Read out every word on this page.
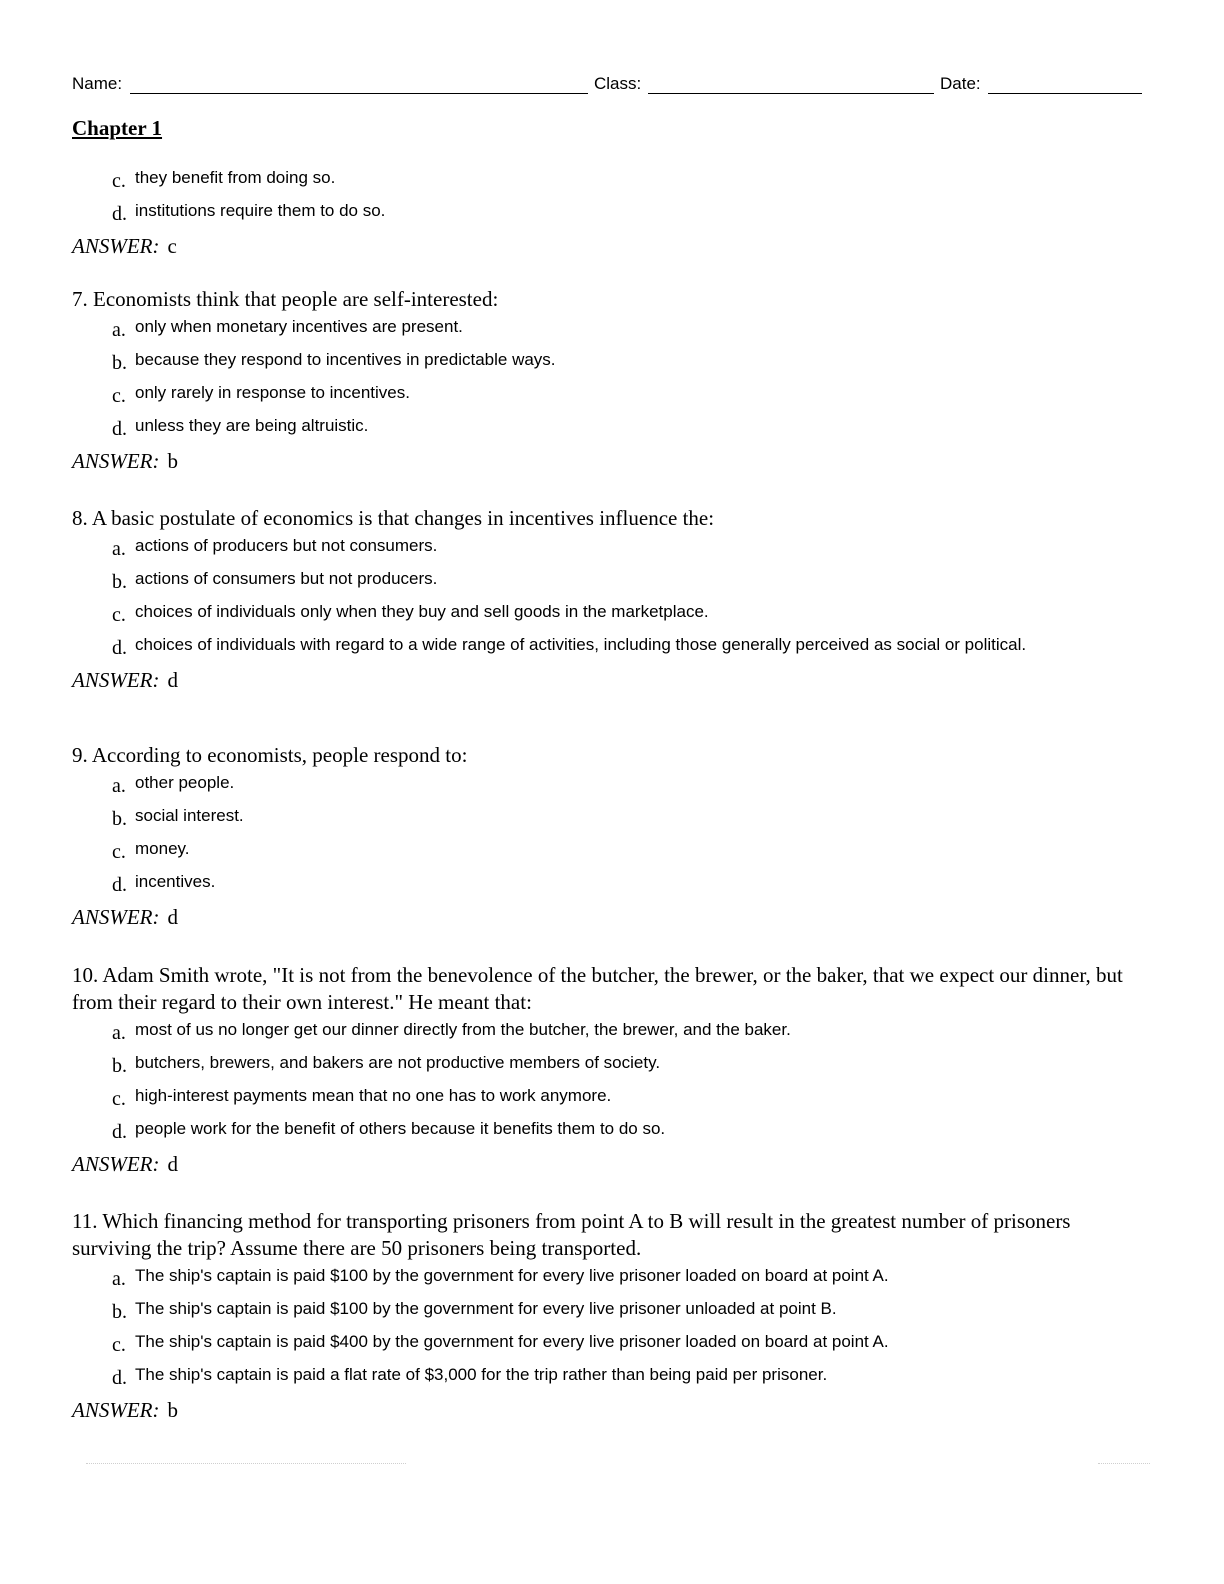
Name:	Class:	Date:
Chapter 1
c. they benefit from doing so.
d. institutions require them to do so.
ANSWER: c
7. Economists think that people are self-interested:
a. only when monetary incentives are present.
b. because they respond to incentives in predictable ways.
c. only rarely in response to incentives.
d. unless they are being altruistic.
ANSWER: b
8. A basic postulate of economics is that changes in incentives influence the:
a. actions of producers but not consumers.
b. actions of consumers but not producers.
c. choices of individuals only when they buy and sell goods in the marketplace.
d. choices of individuals with regard to a wide range of activities, including those generally perceived as social or political.
ANSWER: d
9. According to economists, people respond to:
a. other people.
b. social interest.
c. money.
d. incentives.
ANSWER: d
10. Adam Smith wrote, "It is not from the benevolence of the butcher, the brewer, or the baker, that we expect our dinner, but from their regard to their own interest." He meant that:
a. most of us no longer get our dinner directly from the butcher, the brewer, and the baker.
b. butchers, brewers, and bakers are not productive members of society.
c. high-interest payments mean that no one has to work anymore.
d. people work for the benefit of others because it benefits them to do so.
ANSWER: d
11. Which financing method for transporting prisoners from point A to B will result in the greatest number of prisoners surviving the trip? Assume there are 50 prisoners being transported.
a. The ship's captain is paid $100 by the government for every live prisoner loaded on board at point A.
b. The ship's captain is paid $100 by the government for every live prisoner unloaded at point B.
c. The ship's captain is paid $400 by the government for every live prisoner loaded on board at point A.
d. The ship's captain is paid a flat rate of $3,000 for the trip rather than being paid per prisoner.
ANSWER: b
